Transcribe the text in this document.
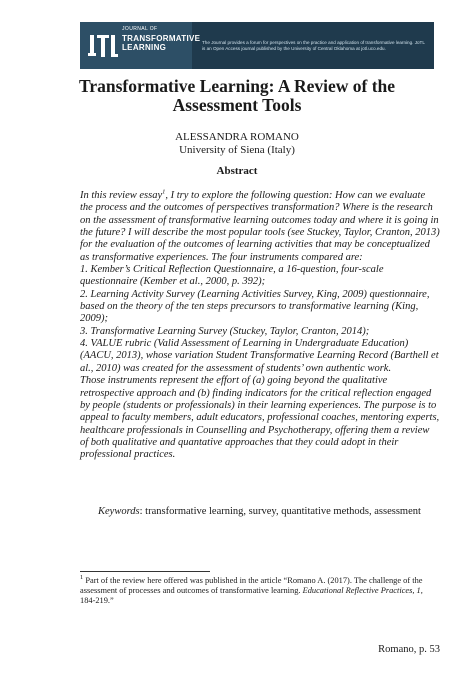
JOURNAL OF
TRANSFORMATIVE
LEARNING
The Journal provides a forum for perspectives on the practice and application of transformative learning. JoTL is an Open Access journal published by the University of Central Oklahoma at jotl.uco.edu.
Transformative Learning: A Review of the Assessment Tools
ALESSANDRA ROMANO
University of Siena (Italy)
Abstract

In this review essay$^1$, I try to explore the following question: How can we evaluate the process and the outcomes of perspectives transformation? Where is the research on the assessment of transformative learning outcomes today and where it is going in the future? I will describe the most popular tools (see Stuckey, Taylor, Cranton, 2013) for the evaluation of the outcomes of learning activities that may be conceptualized as transformative experiences. The four instruments compared are:

1. Kember’s Critical Reflection Questionnaire, a 16-question, four-scale questionnaire (Kember et al., 2000, p. 392);

2. Learning Activity Survey (Learning Activities Survey, King, 2009) questionnaire, based on the theory of the ten steps precursors to transformative learning (King, 2009);

3. Transformative Learning Survey (Stuckey, Taylor, Cranton, 2014);

4. VALUE rubric (Valid Assessment of Learning in Undergraduate Education) (AACU, 2013), whose variation Student Transformative Learning Record (Barthell et al., 2010) was created for the assessment of students’ own authentic work.

Those instruments represent the effort of (a) going beyond the qualitative retrospective approach and (b) finding indicators for the critical reflection engaged by people (students or professionals) in their learning experiences. The purpose is to appeal to faculty members, adult educators, professional coaches, mentoring experts, healthcare professionals in Counselling and Psychotherapy, offering them a review of both qualitative and quantative approaches that they could adopt in their professional practices.

Keywords: transformative learning, survey, quantitative methods, assessment
$^1$ Part of the review here offered was published in the article “Romano A. (2017). The challenge of the assessment of processes and outcomes of transformative learning. Educational Reflective Practices, 1, 184-219.”
Romano, p. 53
